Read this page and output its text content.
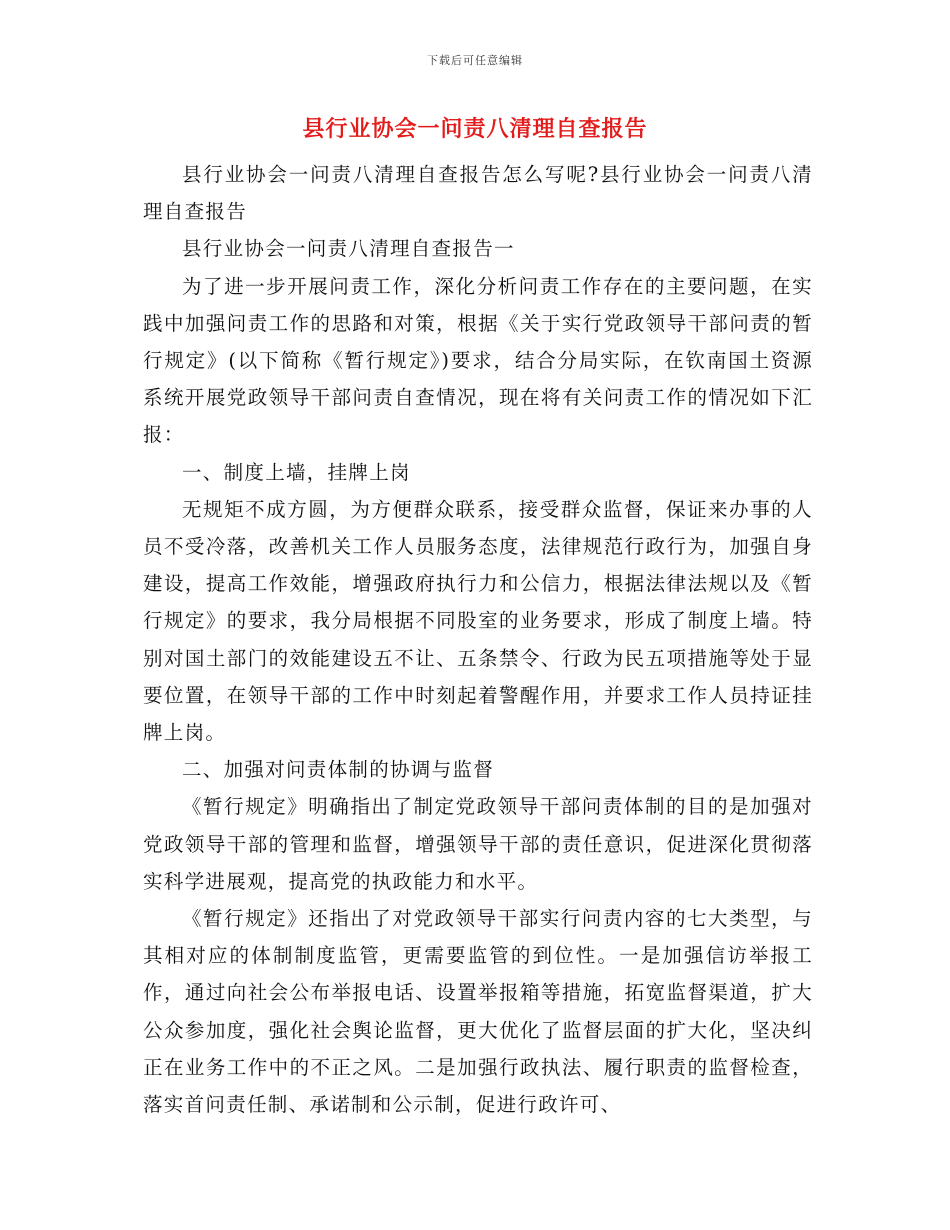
下载后可任意编辑
县行业协会一问责八清理自查报告

县行业协会一问责八清理自查报告怎么写呢?县行业协会一问责八清理自查报告

县行业协会一问责八清理自查报告一

为了进一步开展问责工作，深化分析问责工作存在的主要问题，在实践中加强问责工作的思路和对策，根据《关于实行党政领导干部问责的暂行规定》(以下简称《暂行规定》)要求，结合分局实际，在钦南国土资源系统开展党政领导干部问责自查情况，现在将有关问责工作的情况如下汇报：

一、制度上墙，挂牌上岗

无规矩不成方圆，为方便群众联系，接受群众监督，保证来办事的人员不受冷落，改善机关工作人员服务态度，法律规范行政行为，加强自身建设，提高工作效能，增强政府执行力和公信力，根据法律法规以及《暂行规定》的要求，我分局根据不同股室的业务要求，形成了制度上墙。特别对国土部门的效能建设五不让、五条禁令、行政为民五项措施等处于显要位置，在领导干部的工作中时刻起着警醒作用，并要求工作人员持证挂牌上岗。

二、加强对问责体制的协调与监督

《暂行规定》明确指出了制定党政领导干部问责体制的目的是加强对党政领导干部的管理和监督，增强领导干部的责任意识，促进深化贯彻落实科学进展观，提高党的执政能力和水平。

《暂行规定》还指出了对党政领导干部实行问责内容的七大类型，与其相对应的体制制度监管，更需要监管的到位性。一是加强信访举报工作，通过向社会公布举报电话、设置举报箱等措施，拓宽监督渠道，扩大公众参加度，强化社会舆论监督，更大优化了监督层面的扩大化，坚决纠正在业务工作中的不正之风。二是加强行政执法、履行职责的监督检查，落实首问责任制、承诺制和公示制，促进行政许可、
